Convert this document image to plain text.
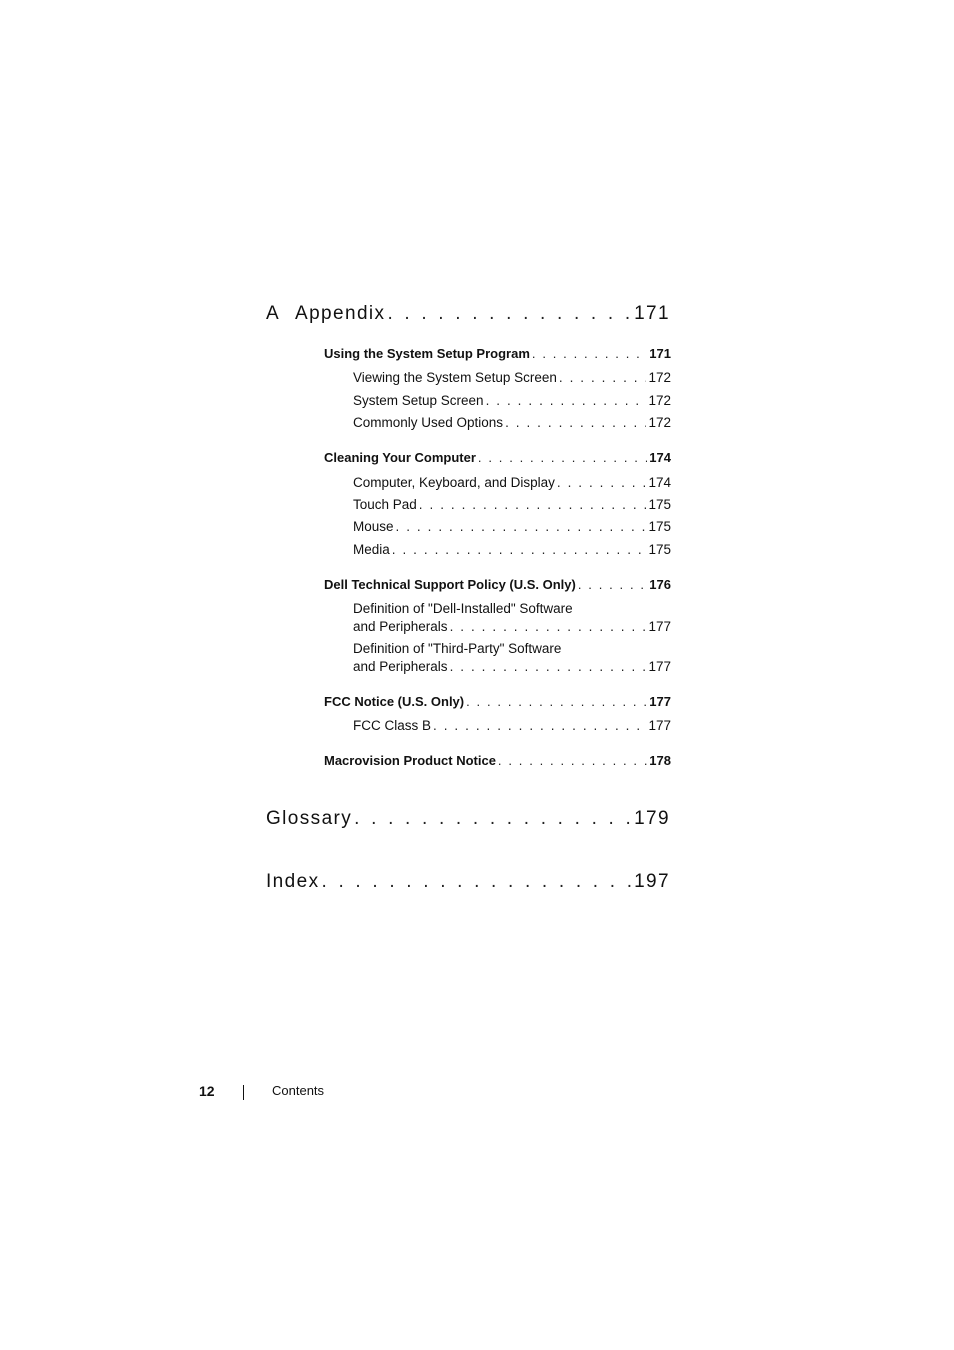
A Appendix . . .	171
Using the System Setup Program . . .	171
Viewing the System Setup Screen . . .	172
System Setup Screen . . .	172
Commonly Used Options . . .	172
Cleaning Your Computer . . .	174
Computer, Keyboard, and Display . . .	174
Touch Pad . . .	175
Mouse . . .	175
Media . . .	175
Dell Technical Support Policy (U.S. Only) . . .	176
Definition of "Dell-Installed" Software
and Peripherals . . .	177
Definition of "Third-Party" Software
and Peripherals . . .	177
FCC Notice (U.S. Only) . . .	177
FCC Class B . . .	177
Macrovision Product Notice . . .	178
Glossary . . .	179
Index . . .	197
12	Contents
